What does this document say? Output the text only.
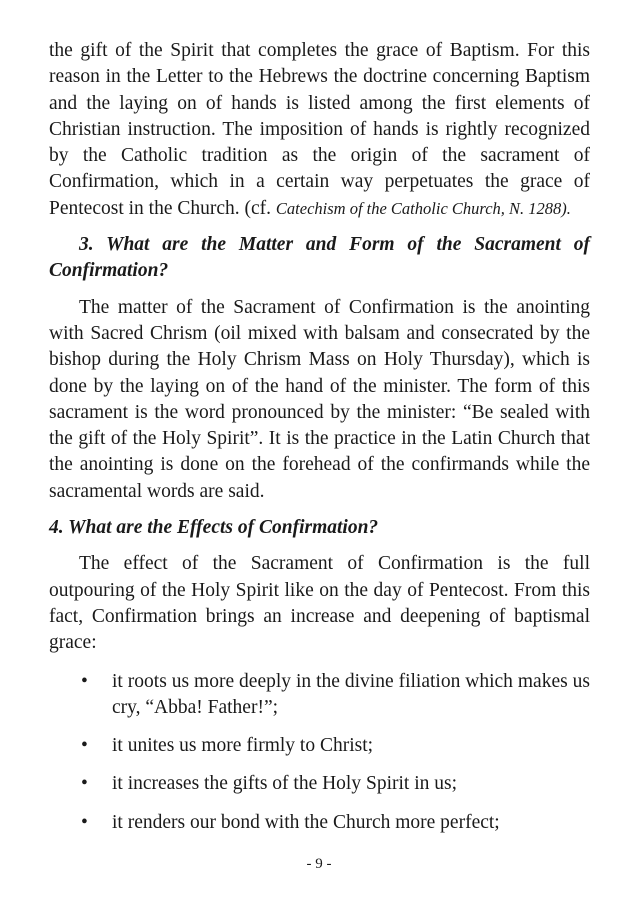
the gift of the Spirit that completes the grace of Baptism. For this reason in the Letter to the Hebrews the doctrine concerning Baptism and the laying on of hands is listed among the first elements of Christian instruction. The imposition of hands is rightly recognized by the Catholic tradition as the origin of the sacrament of Confirmation, which in a certain way perpetuates the grace of Pentecost in the Church. (cf. Catechism of the Catholic Church, N. 1288).

3. What are the Matter and Form of the Sacrament of Confirmation?

The matter of the Sacrament of Confirmation is the anointing with Sacred Chrism (oil mixed with balsam and consecrated by the bishop during the Holy Chrism Mass on Holy Thursday), which is done by the laying on of the hand of the minister. The form of this sacrament is the word pronounced by the minister: “Be sealed with the gift of the Holy Spirit”. It is the practice in the Latin Church that the anointing is done on the forehead of the confirmands while the sacramental words are said.

4. What are the Effects of Confirmation?

The effect of the Sacrament of Confirmation is the full outpouring of the Holy Spirit like on the day of Pentecost. From this fact, Confirmation brings an increase and deepening of baptismal grace:

• it roots us more deeply in the divine filiation which makes us cry, “Abba! Father!”;
• it unites us more firmly to Christ;
• it increases the gifts of the Holy Spirit in us;
• it renders our bond with the Church more perfect;
- 9 -
